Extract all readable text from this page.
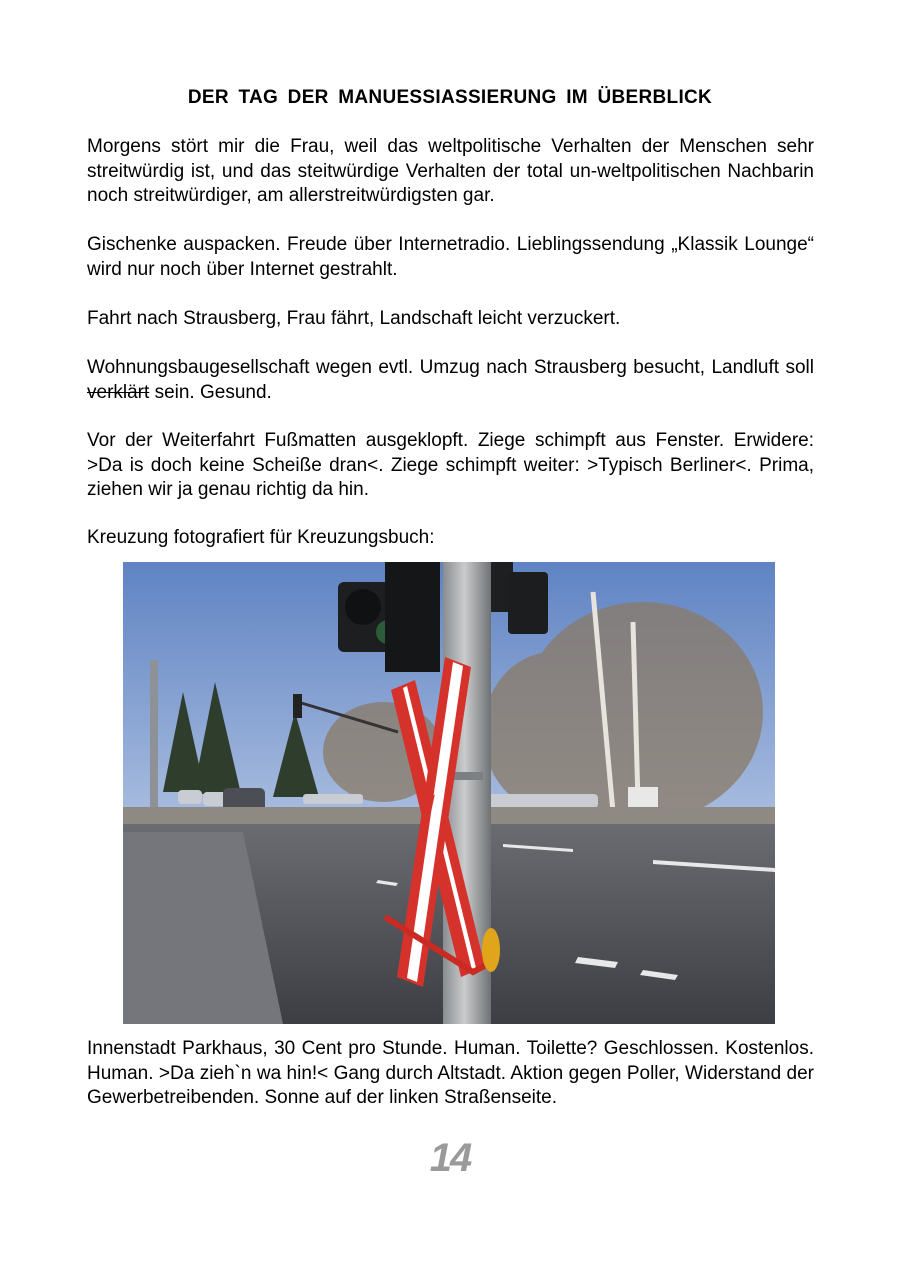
DER TAG DER MANUESSIASSIERUNG IM ÜBERBLICK
Morgens stört mir die Frau, weil das weltpolitische Verhalten der Menschen sehr streitwürdig ist, und das steitwürdige Verhalten der total un-weltpolitischen Nachbarin noch streitwürdiger, am allerstreitwürdigsten gar.
Gischenke auspacken. Freude über Internetradio. Lieblingssendung „Klassik Lounge“ wird nur noch über Internet gestrahlt.
Fahrt nach Strausberg, Frau fährt, Landschaft leicht verzuckert.
Wohnungsbaugesellschaft wegen evtl. Umzug nach Strausberg besucht, Landluft soll verklärt sein. Gesund.
Vor der Weiterfahrt Fußmatten ausgeklopft. Ziege schimpft aus Fenster. Erwidere: >Da is doch keine Scheiße dran<. Ziege schimpft weiter: >Typisch Berliner<. Prima, ziehen wir ja genau richtig da hin.
Kreuzung fotografiert für Kreuzungsbuch:
Innenstadt Parkhaus, 30 Cent pro Stunde. Human. Toilette? Geschlossen. Kostenlos. Human. >Da zieh`n wa hin!< Gang durch Altstadt. Aktion gegen Poller, Widerstand der Gewerbetreibenden. Sonne auf der linken Straßenseite.
14
